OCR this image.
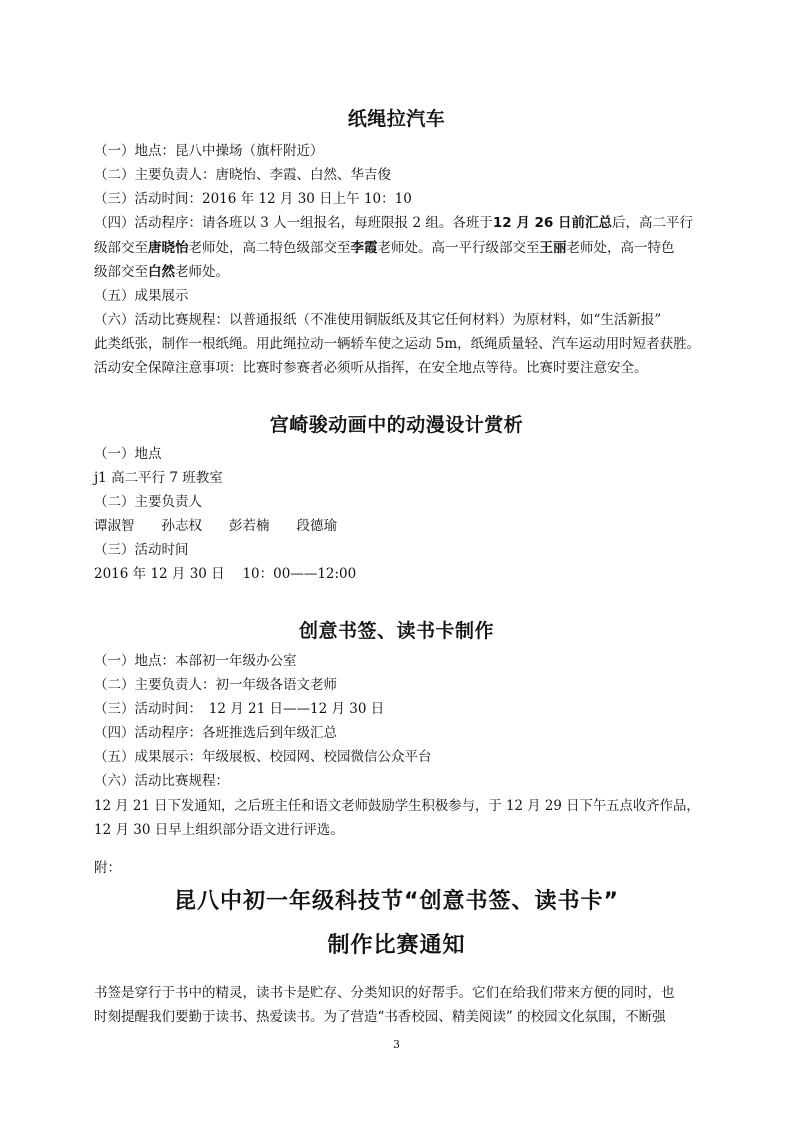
纸绳拉汽车
（一）地点：昆八中操场（旗杆附近）
（二）主要负责人：唐晓怡、李霞、白然、华吉俊
（三）活动时间：2016 年 12 月 30 日上午 10：10
（四）活动程序：请各班以 3 人一组报名，每班限报 2 组。各班于12 月 26 日前汇总后，高二平行
级部交至唐晓怡老师处，高二特色级部交至李霞老师处。高一平行级部交至王丽老师处，高一特色
级部交至白然老师处。
（五）成果展示
（六）活动比赛规程：以普通报纸（不准使用铜版纸及其它任何材料）为原材料，如“生活新报”
此类纸张，制作一根纸绳。用此绳拉动一辆轿车使之运动 5m，纸绳质量轻、汽车运动用时短者获胜。
活动安全保障注意事项：比赛时参赛者必须听从指挥，在安全地点等待。比赛时要注意安全。
宫崎骏动画中的动漫设计赏析
（一）地点
j1 高二平行 7 班教室
（二）主要负责人
谭淑智　　孙志权　　彭若楠　　段德瑜
（三）活动时间
2016 年 12 月 30 日　 10：00——12:00
创意书签、读书卡制作
（一）地点：本部初一年级办公室
（二）主要负责人：初一年级各语文老师
（三）活动时间：　12 月 21 日——12 月 30 日
（四）活动程序：各班推选后到年级汇总
（五）成果展示：年级展板、校园网、校园微信公众平台
（六）活动比赛规程：
12 月 21 日下发通知，之后班主任和语文老师鼓励学生积极参与，于 12 月 29 日下午五点收齐作品，
12 月 30 日早上组织部分语文进行评选。
附：
昆八中初一年级科技节“创意书签、读书卡”
制作比赛通知
书签是穿行于书中的精灵，读书卡是贮存、分类知识的好帮手。它们在给我们带来方便的同时，也
时刻提醒我们要勤于读书、热爱读书。为了营造“书香校园、精美阅读” 的校园文化氛围，不断强
3
